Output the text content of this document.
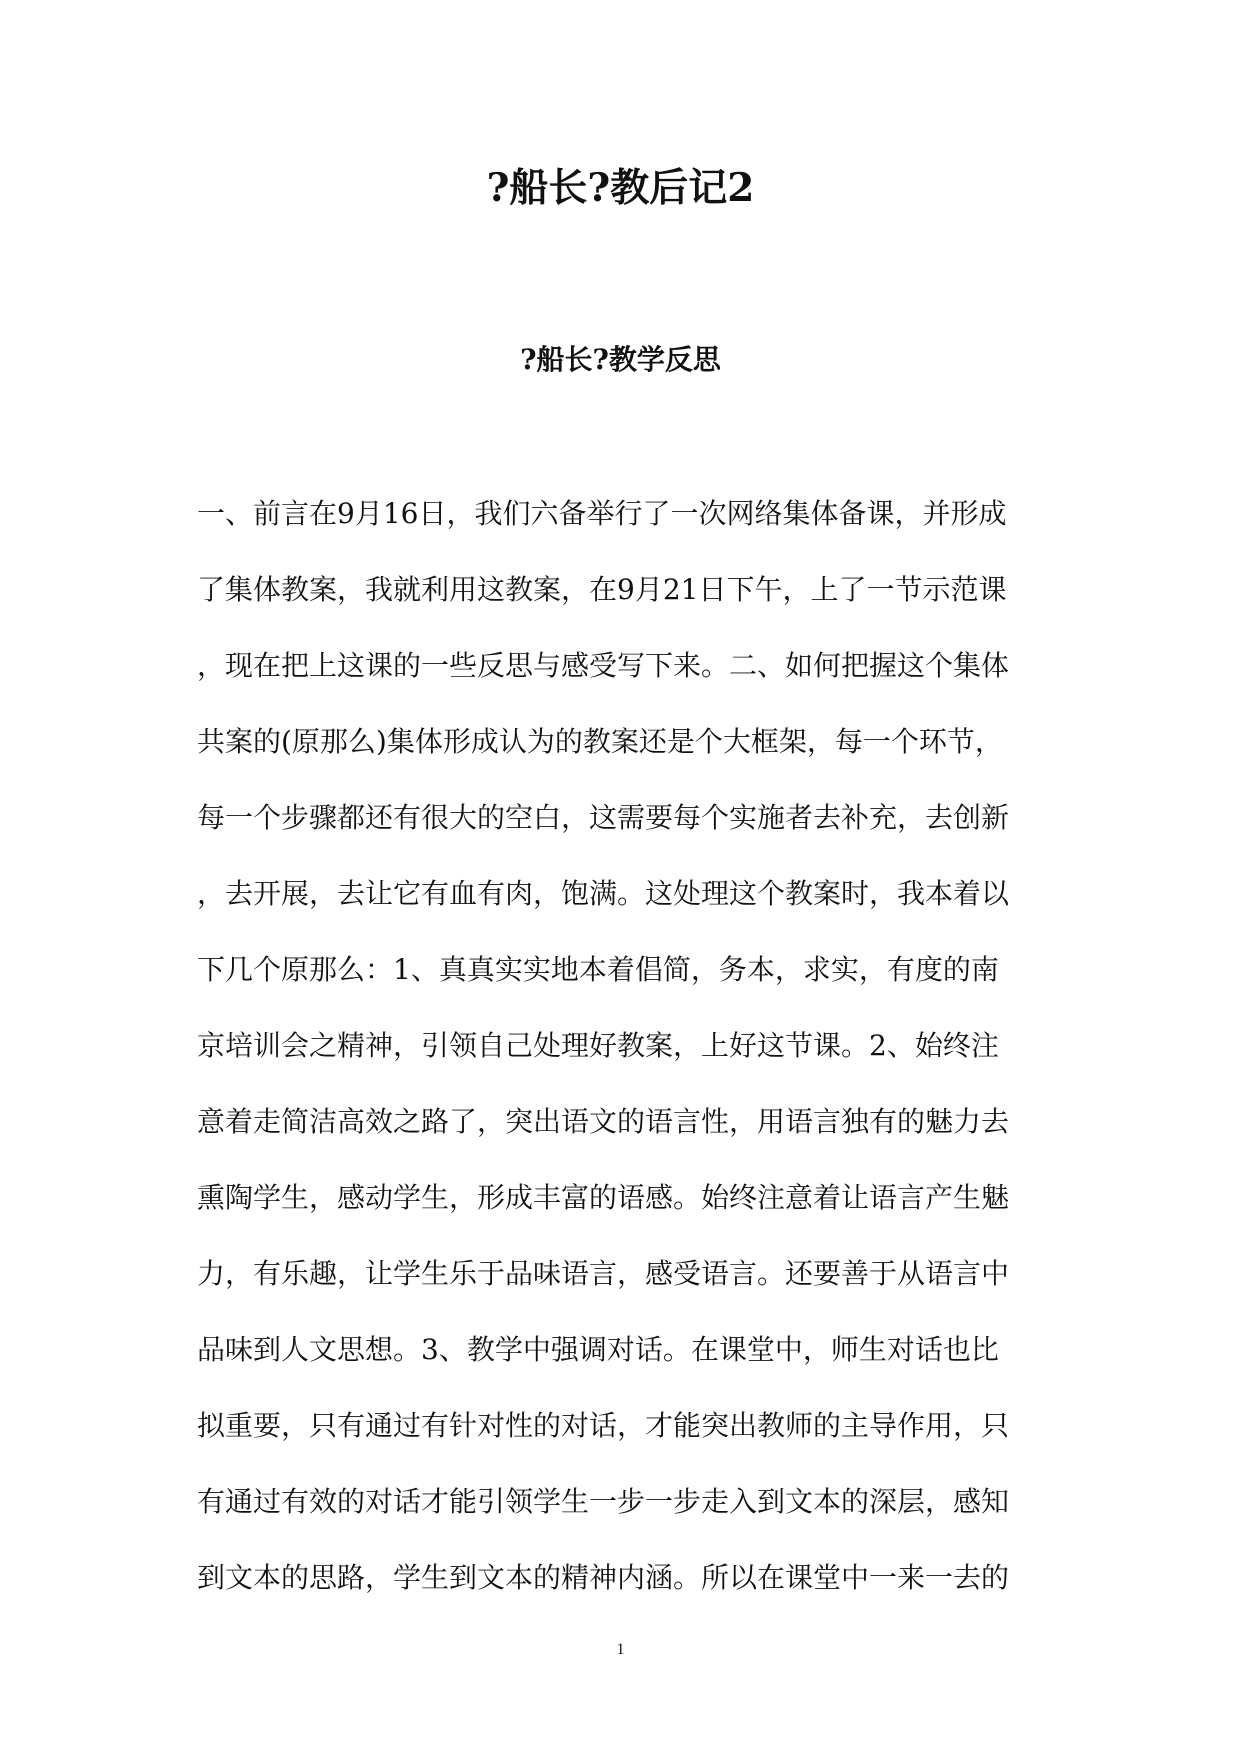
?船长?教后记2
?船长?教学反思
一、前言在9月16日，我们六备举行了一次网络集体备课，并形成
了集体教案，我就利用这教案，在9月21日下午，上了一节示范课
，现在把上这课的一些反思与感受写下来。二、如何把握这个集体
共案的(原那么)集体形成认为的教案还是个大框架，每一个环节，
每一个步骤都还有很大的空白，这需要每个实施者去补充，去创新
，去开展，去让它有血有肉，饱满。这处理这个教案时，我本着以
下几个原那么：1、真真实实地本着倡简，务本，求实，有度的南
京培训会之精神，引领自己处理好教案，上好这节课。2、始终注
意着走简洁高效之路了，突出语文的语言性，用语言独有的魅力去
熏陶学生，感动学生，形成丰富的语感。始终注意着让语言产生魅
力，有乐趣，让学生乐于品味语言，感受语言。还要善于从语言中
品味到人文思想。3、教学中强调对话。在课堂中，师生对话也比
拟重要，只有通过有针对性的对话，才能突出教师的主导作用，只
有通过有效的对话才能引领学生一步一步走入到文本的深层，感知
到文本的思路，学生到文本的精神内涵。所以在课堂中一来一去的
1
